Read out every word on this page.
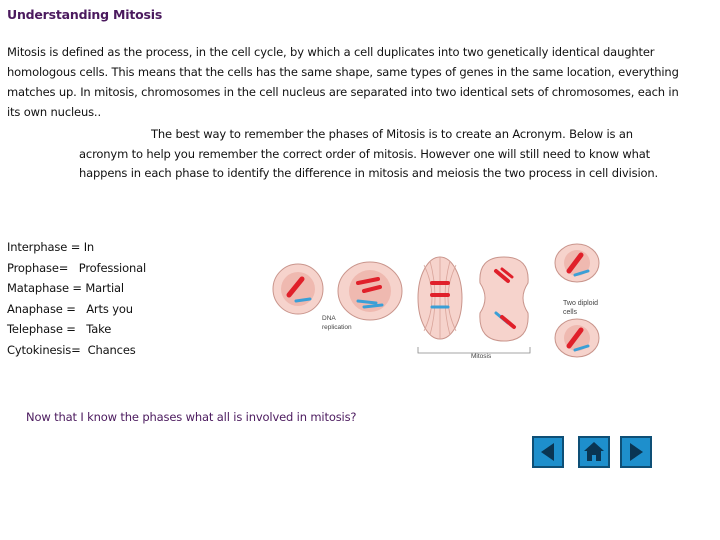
Understanding Mitosis
Mitosis is defined as the process, in the cell cycle, by which a cell duplicates into two genetically identical daughter homologous cells. This means that the cells has the same shape, same types of genes in the same location, everything matches up. In mitosis, chromosomes in the cell nucleus are separated into two identical sets of chromosomes, each in its own nucleus..
The best way to remember the phases of Mitosis is to create an Acronym. Below is an acronym to help you remember the correct order of mitosis. However one will still need to know what happens in each phase to identify the difference in mitosis and meiosis the two process in cell division.
Interphase = In
Prophase=   Professional
Mataphase = Martial
Anaphase =   Arts you
Telephase =   Take
Cytokinesis=  Chances
DNA
replication
Mitosis
Two diploid
cells
Now that I know the phases what all is involved in mitosis?
